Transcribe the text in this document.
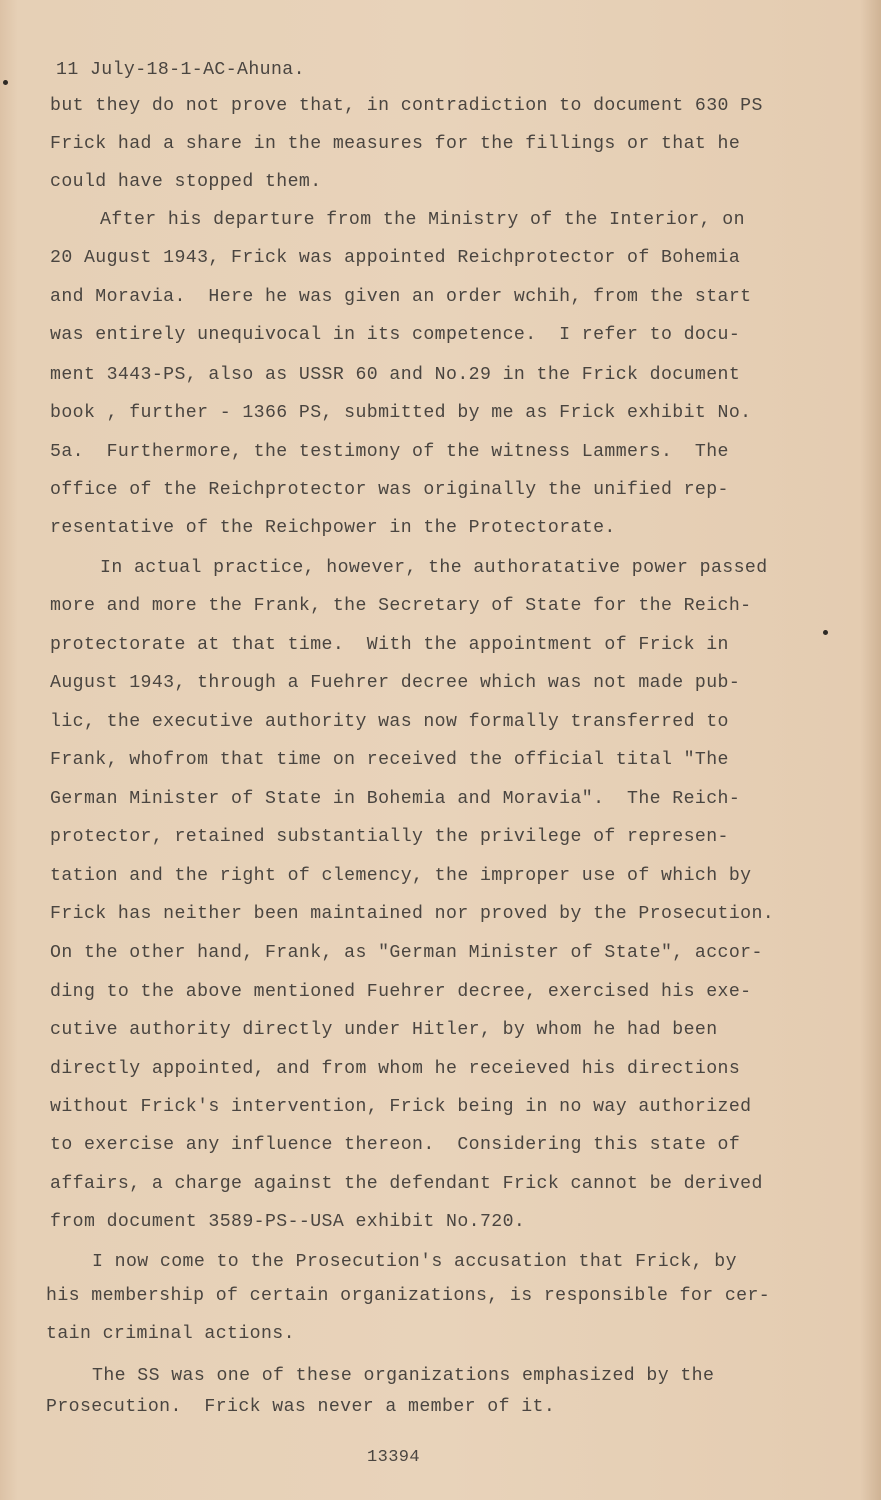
11 July-18-1-AC-Ahuna.
but they do not prove that, in contradiction to document 630 PS
Frick had a share in the measures for the fillings or that he
could have stopped them.
After his departure from the Ministry of the Interior, on
20 August 1943, Frick was appointed Reichprotector of Bohemia
and Moravia.  Here he was given an order wchih, from the start
was entirely unequivocal in its competence.  I refer to docu-
ment 3443-PS, also as USSR 60 and No.29 in the Frick document
book , further - 1366 PS, submitted by me as Frick exhibit No.
5a.  Furthermore, the testimony of the witness Lammers.  The
office of the Reichprotector was originally the unified rep-
resentative of the Reichpower in the Protectorate.
In actual practice, however, the authoratative power passed
more and more the Frank, the Secretary of State for the Reich-
protectorate at that time.  With the appointment of Frick in
August 1943, through a Fuehrer decree which was not made pub-
lic, the executive authority was now formally transferred to
Frank, whofrom that time on received the official tital "The
German Minister of State in Bohemia and Moravia".  The Reich-
protector, retained substantially the privilege of represen-
tation and the right of clemency, the improper use of which by
Frick has neither been maintained nor proved by the Prosecution.
On the other hand, Frank, as "German Minister of State", accor-
ding to the above mentioned Fuehrer decree, exercised his exe-
cutive authority directly under Hitler, by whom he had been
directly appointed, and from whom he receieved his directions
without Frick's intervention, Frick being in no way authorized
to exercise any influence thereon.  Considering this state of
affairs, a charge against the defendant Frick cannot be derived
from document 3589-PS--USA exhibit No.720.
I now come to the Prosecution's accusation that Frick, by
his membership of certain organizations, is responsible for cer-
tain criminal actions.
The SS was one of these organizations emphasized by the
Prosecution.  Frick was never a member of it.
13394
